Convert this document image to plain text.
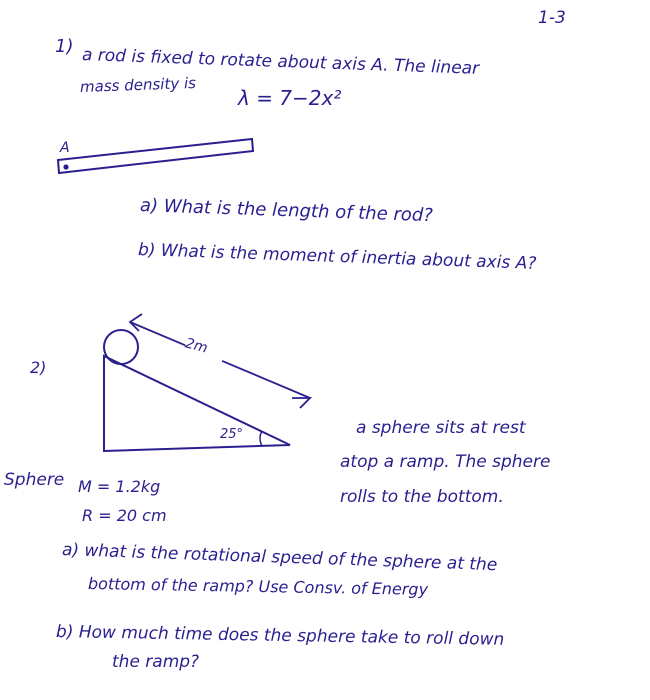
1-3
1) a rod is fixed to rotate about axis A. The linear
mass density is
λ = 7−2x²
A
a) What is the length of the rod?
b) What is the moment of inertia about axis A?
2)
2m
25°	a sphere sits at rest
atop a ramp. The sphere
rolls to the bottom.
Sphere M = 1.2kg
R = 20 cm
a) what is the rotational speed of the sphere at the
bottom of the ramp? Use Consv. of Energy
b) How much time does the sphere take to roll down
the ramp?
